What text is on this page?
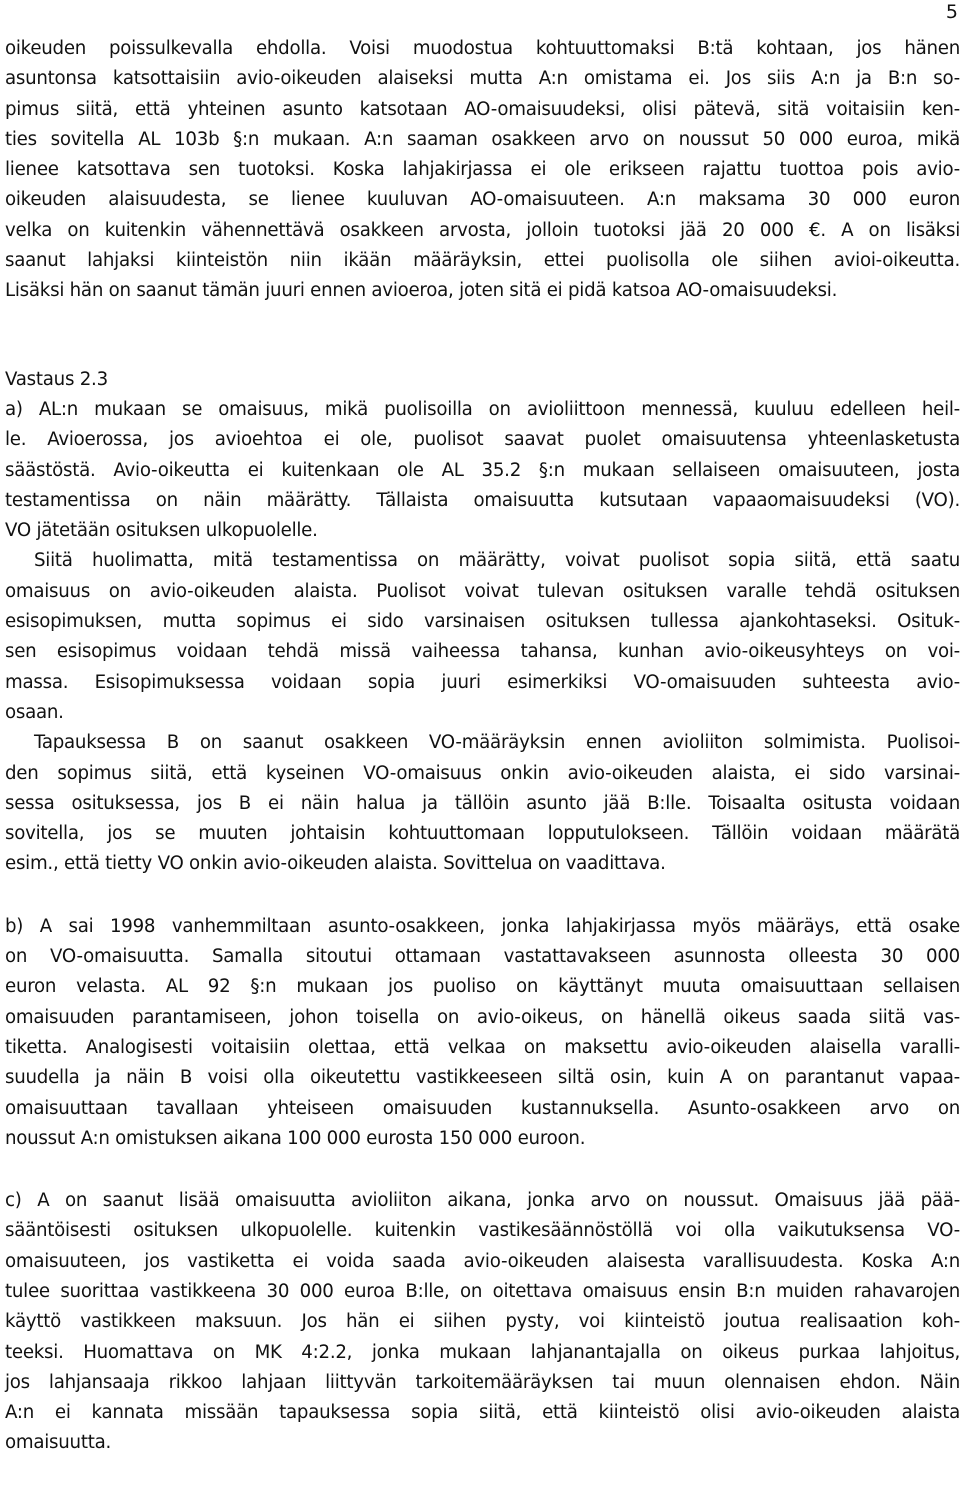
5
oikeuden poissulkevalla ehdolla. Voisi muodostua kohtuuttomaksi B:tä kohtaan, jos hänen
asuntonsa katsottaisiin avio-oikeuden alaiseksi mutta A:n omistama ei. Jos siis A:n ja B:n so-
pimus siitä, että yhteinen asunto katsotaan AO-omaisuudeksi, olisi pätevä, sitä voitaisiin ken-
ties sovitella AL 103b §:n mukaan. A:n saaman osakkeen arvo on noussut 50 000 euroa, mikä
lienee katsottava sen tuotoksi. Koska lahjakirjassa ei ole erikseen rajattu tuottoa pois avio-
oikeuden alaisuudesta, se lienee kuuluvan AO-omaisuuteen. A:n maksama 30 000 euron
velka on kuitenkin vähennettävä osakkeen arvosta, jolloin tuotoksi jää 20 000 €. A on lisäksi
saanut lahjaksi kiinteistön niin ikään määräyksin, ettei puolisolla ole siihen avioi-oikeutta.
Lisäksi hän on saanut tämän juuri ennen avioeroa, joten sitä ei pidä katsoa AO-omaisuudeksi.
Vastaus 2.3
a) AL:n mukaan se omaisuus, mikä puolisoilla on avioliittoon mennessä, kuuluu edelleen heil-
le. Avioerossa, jos avioehtoa ei ole, puolisot saavat puolet omaisuutensa yhteenlasketusta
säästöstä. Avio-oikeutta ei kuitenkaan ole AL 35.2 §:n mukaan sellaiseen omaisuuteen, josta
testamentissa on näin määrätty. Tällaista omaisuutta kutsutaan vapaaomaisuudeksi (VO).
VO jätetään osituksen ulkopuolelle.
Siitä huolimatta, mitä testamentissa on määrätty, voivat puolisot sopia siitä, että saatu
omaisuus on avio-oikeuden alaista. Puolisot voivat tulevan osituksen varalle tehdä osituksen
esisopimuksen, mutta sopimus ei sido varsinaisen osituksen tullessa ajankohtaseksi. Osituk-
sen esisopimus voidaan tehdä missä vaiheessa tahansa, kunhan avio-oikeusyhteys on voi-
massa. Esisopimuksessa voidaan sopia juuri esimerkiksi VO-omaisuuden suhteesta avio-
osaan.
Tapauksessa B on saanut osakkeen VO-määräyksin ennen avioliiton solmimista. Puolisoi-
den sopimus siitä, että kyseinen VO-omaisuus onkin avio-oikeuden alaista, ei sido varsinai-
sessa osituksessa, jos B ei näin halua ja tällöin asunto jää B:lle. Toisaalta ositusta voidaan
sovitella, jos se muuten johtaisin kohtuuttomaan lopputulokseen. Tällöin voidaan määrätä
esim., että tietty VO onkin avio-oikeuden alaista. Sovittelua on vaadittava.
b) A sai 1998 vanhemmiltaan asunto-osakkeen, jonka lahjakirjassa myös määräys, että osake
on VO-omaisuutta. Samalla sitoutui ottamaan vastattavakseen asunnosta olleesta 30 000
euron velasta. AL 92 §:n mukaan jos puoliso on käyttänyt muuta omaisuuttaan sellaisen
omaisuuden parantamiseen, johon toisella on avio-oikeus, on hänellä oikeus saada siitä vas-
tiketta. Analogisesti voitaisiin olettaa, että velkaa on maksettu avio-oikeuden alaisella varalli-
suudella ja näin B voisi olla oikeutettu vastikkeeseen siltä osin, kuin A on parantanut vapaa-
omaisuuttaan tavallaan yhteiseen omaisuuden kustannuksella. Asunto-osakkeen arvo on
noussut A:n omistuksen aikana 100 000 eurosta 150 000 euroon.
c) A on saanut lisää omaisuutta avioliiton aikana, jonka arvo on noussut. Omaisuus jää pää-
sääntöisesti osituksen ulkopuolelle. kuitenkin vastikesäännöstöllä voi olla vaikutuksensa VO-
omaisuuteen, jos vastiketta ei voida saada avio-oikeuden alaisesta varallisuudesta. Koska A:n
tulee suorittaa vastikkeena 30 000 euroa B:lle, on oitettava omaisuus ensin B:n muiden rahavarojen
käyttö vastikkeen maksuun. Jos hän ei siihen pysty, voi kiinteistö joutua realisaation koh-
teeksi. Huomattava on MK 4:2.2, jonka mukaan lahjanantajalla on oikeus purkaa lahjoitus,
jos lahjansaaja rikkoo lahjaan liittyvän tarkoitemääräyksen tai muun olennaisen ehdon. Näin
A:n ei kannata missään tapauksessa sopia siitä, että kiinteistö olisi avio-oikeuden alaista
omaisuutta.
